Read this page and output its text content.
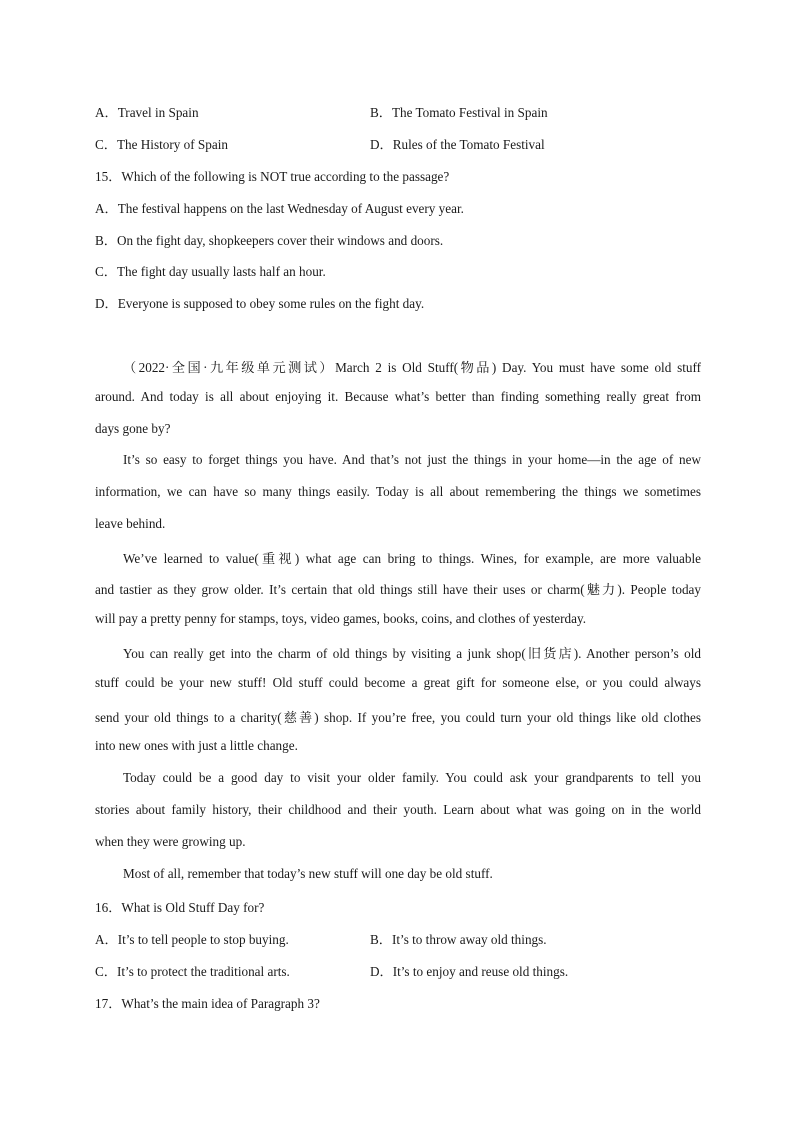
A．Travel in Spain	B．The Tomato Festival in Spain
C．The History of Spain	D．Rules of the Tomato Festival
15．Which of the following is NOT true according to the passage?
A．The festival happens on the last Wednesday of August every year.
B．On the fight day, shopkeepers cover their windows and doors.
C．The fight day usually lasts half an hour.
D．Everyone is supposed to obey some rules on the fight day.
（2022·全国·九年级单元测试）March 2 is Old Stuff(物品) Day. You must have some old stuff
around. And today is all about enjoying it. Because what’s better than finding something really great from
days gone by?
It’s so easy to forget things you have. And that’s not just the things in your home—in the age of new
information, we can have so many things easily. Today is all about remembering the things we sometimes
leave behind.
We’ve learned to value(重视) what age can bring to things. Wines, for example, are more valuable
and tastier as they grow older. It’s certain that old things still have their uses or charm(魅力). People today
will pay a pretty penny for stamps, toys, video games, books, coins, and clothes of yesterday.
You can really get into the charm of old things by visiting a junk shop(旧货店). Another person’s old
stuff could be your new stuff! Old stuff could become a great gift for someone else, or you could always
send your old things to a charity(慈善) shop. If you’re free, you could turn your old things like old clothes
into new ones with just a little change.
Today could be a good day to visit your older family. You could ask your grandparents to tell you
stories about family history, their childhood and their youth. Learn about what was going on in the world
when they were growing up.
Most of all, remember that today’s new stuff will one day be old stuff.
16．What is Old Stuff Day for?
A．It’s to tell people to stop buying.	B．It’s to throw away old things.
C．It’s to protect the traditional arts.	D．It’s to enjoy and reuse old things.
17．What’s the main idea of Paragraph 3?
